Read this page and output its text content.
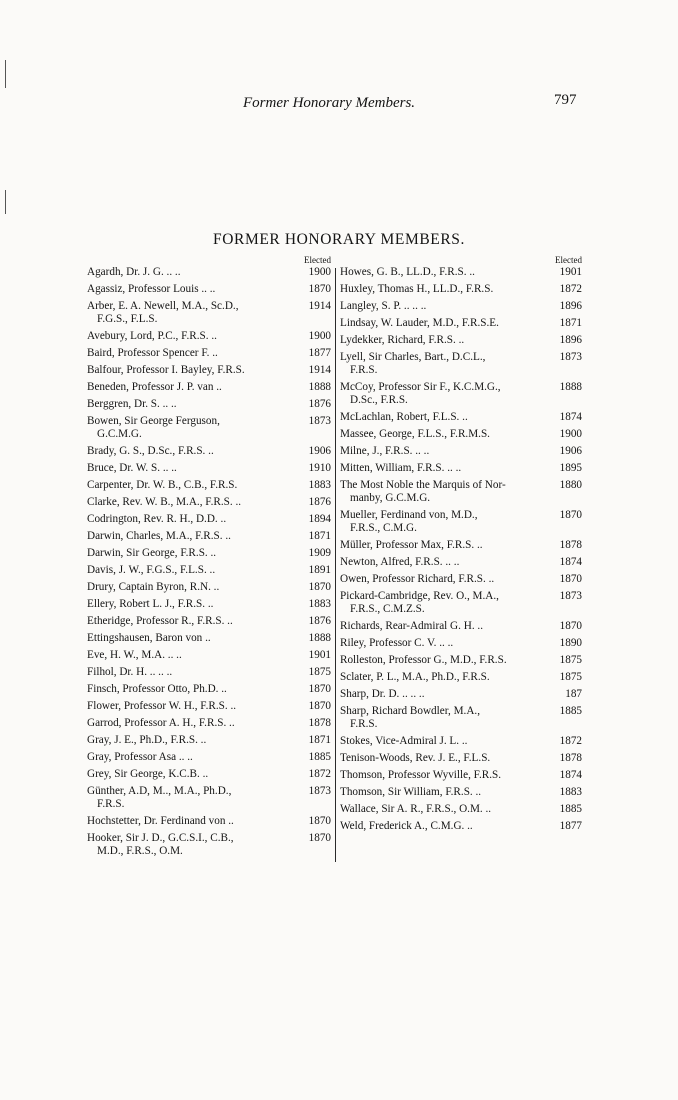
Former Honorary Members.	797
FORMER HONORARY MEMBERS.
Elected
Agardh, Dr. J. G. .. ..	1900
Agassiz, Professor Louis .. ..	1870
Arber, E. A. Newell, M.A., Sc.D.,
F.G.S., F.L.S.
1914
Avebury, Lord, P.C., F.R.S. ..	1900
Baird, Professor Spencer F. ..	1877
Balfour, Professor I. Bayley, F.R.S.	1914
Beneden, Professor J. P. van ..	1888
Berggren, Dr. S. .. ..	1876
Bowen, Sir George Ferguson,
G.C.M.G.
1873
Brady, G. S., D.Sc., F.R.S. ..	1906
Bruce, Dr. W. S. .. ..	1910
Carpenter, Dr. W. B., C.B., F.R.S.	1883
Clarke, Rev. W. B., M.A., F.R.S. ..	1876
Codrington, Rev. R. H., D.D. ..	1894
Darwin, Charles, M.A., F.R.S. ..	1871
Darwin, Sir George, F.R.S. ..	1909
Davis, J. W., F.G.S., F.L.S. ..	1891
Drury, Captain Byron, R.N. ..	1870
Ellery, Robert L. J., F.R.S. ..	1883
Etheridge, Professor R., F.R.S. ..	1876
Ettingshausen, Baron von ..	1888
Eve, H. W., M.A. .. ..	1901
Filhol, Dr. H. .. .. ..	1875
Finsch, Professor Otto, Ph.D. ..	1870
Flower, Professor W. H., F.R.S. ..	1870
Garrod, Professor A. H., F.R.S. ..	1878
Gray, J. E., Ph.D., F.R.S. ..	1871
Gray, Professor Asa .. ..	1885
Grey, Sir George, K.C.B. ..	1872
Günther, A.D, M.., M.A., Ph.D.,
F.R.S.
1873
Hochstetter, Dr. Ferdinand von ..	1870
Hooker, Sir J. D., G.C.S.I., C.B.,
M.D., F.R.S., O.M.
1870
Elected
Howes, G. B., LL.D., F.R.S. ..	1901
Huxley, Thomas H., LL.D., F.R.S.	1872
Langley, S. P. .. .. ..	1896
Lindsay, W. Lauder, M.D., F.R.S.E.	1871
Lydekker, Richard, F.R.S. ..	1896
Lyell, Sir Charles, Bart., D.C.L.,
F.R.S.
1873
McCoy, Professor Sir F., K.C.M.G.,
D.Sc., F.R.S.
1888
McLachlan, Robert, F.L.S. ..	1874
Massee, George, F.L.S., F.R.M.S.	1900
Milne, J., F.R.S. .. ..	1906
Mitten, William, F.R.S. .. ..	1895
The Most Noble the Marquis of Nor-
manby, G.C.M.G.
1880
Mueller, Ferdinand von, M.D.,
F.R.S., C.M.G.
1870
Müller, Professor Max, F.R.S. ..	1878
Newton, Alfred, F.R.S. .. ..	1874
Owen, Professor Richard, F.R.S. ..	1870
Pickard-Cambridge, Rev. O., M.A.,
F.R.S., C.M.Z.S.
1873
Richards, Rear-Admiral G. H. ..	1870
Riley, Professor C. V. .. ..	1890
Rolleston, Professor G., M.D., F.R.S.	1875
Sclater, P. L., M.A., Ph.D., F.R.S.	1875
Sharp, Dr. D. .. .. ..	187
Sharp, Richard Bowdler, M.A.,
F.R.S.
1885
Stokes, Vice-Admiral J. L. ..	1872
Tenison-Woods, Rev. J. E., F.L.S.	1878
Thomson, Professor Wyville, F.R.S.	1874
Thomson, Sir William, F.R.S. ..	1883
Wallace, Sir A. R., F.R.S., O.M. ..	1885
Weld, Frederick A., C.M.G. ..	1877
